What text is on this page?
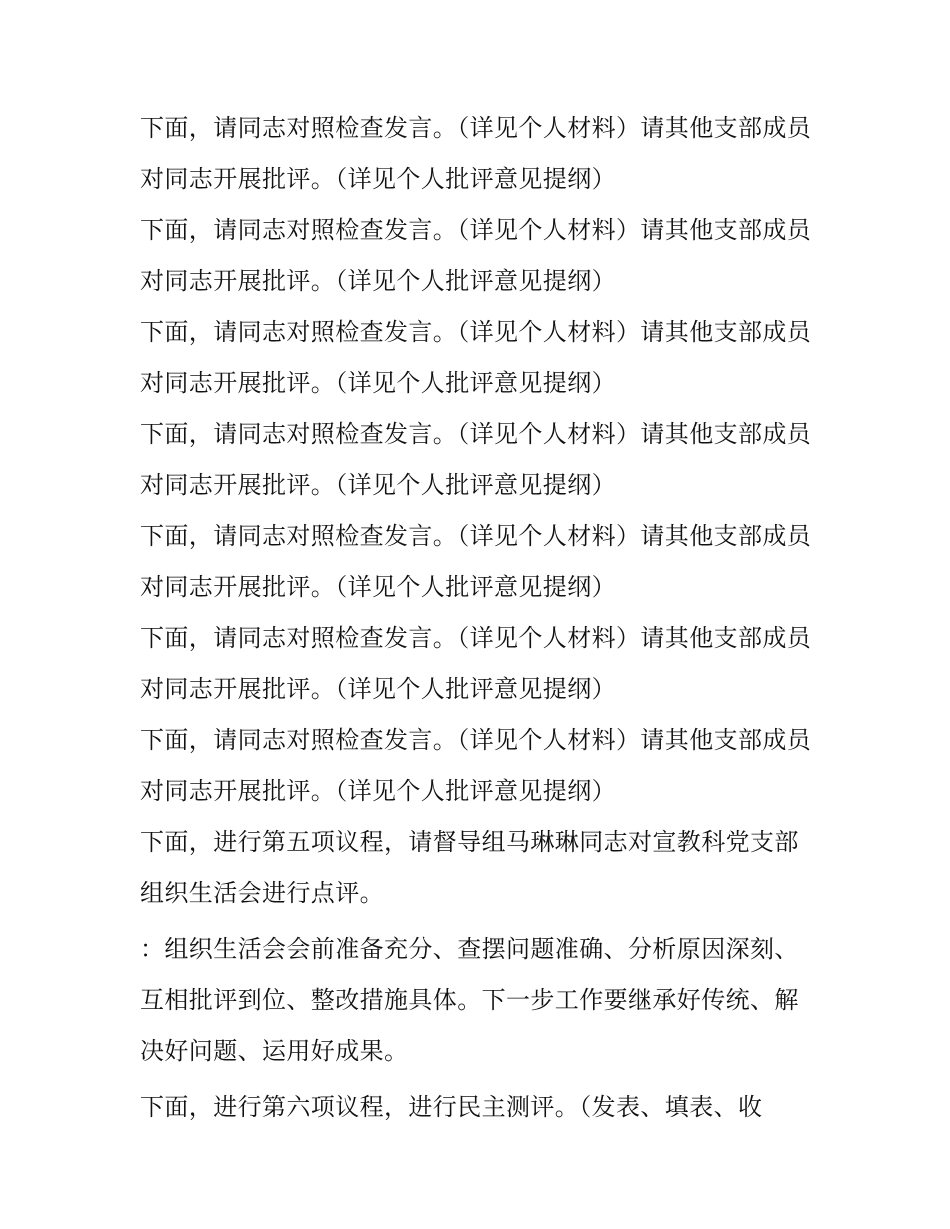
下面，请同志对照检查发言。（详见个人材料）请其他支部成员对同志开展批评。（详见个人批评意见提纲）

下面，请同志对照检查发言。（详见个人材料）请其他支部成员对同志开展批评。（详见个人批评意见提纲）

下面，请同志对照检查发言。（详见个人材料）请其他支部成员对同志开展批评。（详见个人批评意见提纲）

下面，请同志对照检查发言。（详见个人材料）请其他支部成员对同志开展批评。（详见个人批评意见提纲）

下面，请同志对照检查发言。（详见个人材料）请其他支部成员对同志开展批评。（详见个人批评意见提纲）

下面，请同志对照检查发言。（详见个人材料）请其他支部成员对同志开展批评。（详见个人批评意见提纲）

下面，请同志对照检查发言。（详见个人材料）请其他支部成员对同志开展批评。（详见个人批评意见提纲）

下面，进行第五项议程，请督导组马琳琳同志对宣教科党支部组织生活会进行点评。

：组织生活会会前准备充分、查摆问题准确、分析原因深刻、互相批评到位、整改措施具体。下一步工作要继承好传统、解决好问题、运用好成果。

下面，进行第六项议程，进行民主测评。（发表、填表、收
